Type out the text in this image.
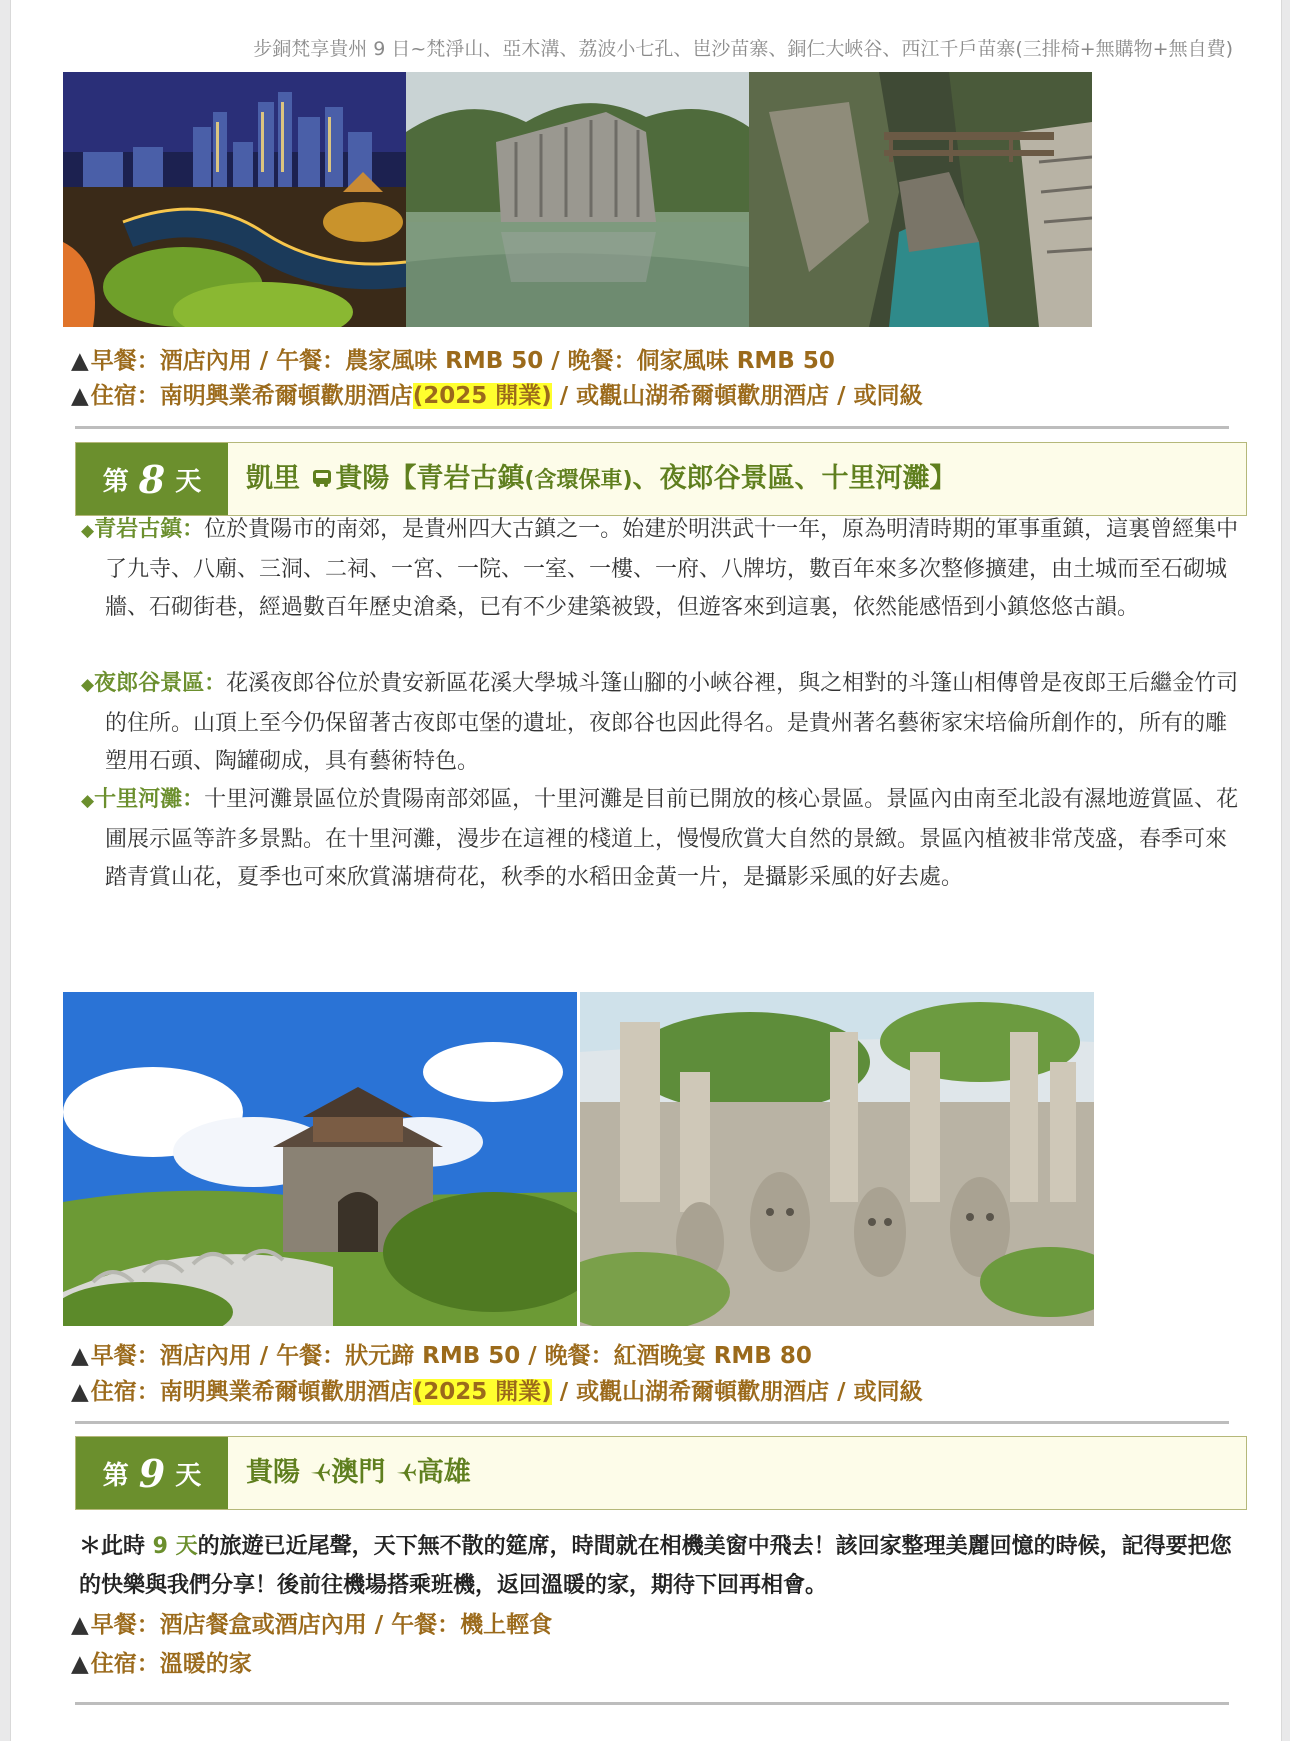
步銅梵享貴州 9 日~梵淨山、亞木溝、荔波小七孔、岜沙苗寨、銅仁大峽谷、西江千戶苗寨(三排椅+無購物+無自費)
▲早餐：酒店內用 / 午餐：農家風味 RMB 50 / 晚餐：侗家風味 RMB 50
▲住宿：南明興業希爾頓歡朋酒店(2025 開業) / 或觀山湖希爾頓歡朋酒店 / 或同級
第 8 天 凱里 貴陽【青岩古鎮(含環保車)、夜郎谷景區、十里河灘】
◆青岩古鎮：位於貴陽市的南郊，是貴州四大古鎮之一。始建於明洪武十一年，原為明清時期的軍事重鎮，這裏曾經集中了九寺、八廟、三洞、二祠、一宮、一院、一室、一樓、一府、八牌坊，數百年來多次整修擴建，由土城而至石砌城牆、石砌街巷，經過數百年歷史滄桑，已有不少建築被毀，但遊客來到這裏，依然能感悟到小鎮悠悠古韻。
◆夜郎谷景區：花溪夜郎谷位於貴安新區花溪大學城斗篷山腳的小峽谷裡，與之相對的斗篷山相傳曾是夜郎王后繼金竹司的住所。山頂上至今仍保留著古夜郎屯堡的遺址，夜郎谷也因此得名。是貴州著名藝術家宋培倫所創作的，所有的雕塑用石頭、陶罐砌成，具有藝術特色。
◆十里河灘：十里河灘景區位於貴陽南部郊區，十里河灘是目前已開放的核心景區。景區內由南至北設有濕地遊賞區、花圃展示區等許多景點。在十里河灘，漫步在這裡的棧道上，慢慢欣賞大自然的景緻。景區內植被非常茂盛，春季可來踏青賞山花，夏季也可來欣賞滿塘荷花，秋季的水稻田金黃一片，是攝影采風的好去處。
▲早餐：酒店內用 / 午餐：狀元蹄 RMB 50 / 晚餐：紅酒晚宴 RMB 80
▲住宿：南明興業希爾頓歡朋酒店(2025 開業) / 或觀山湖希爾頓歡朋酒店 / 或同級
第 9 天 貴陽 澳門 高雄
＊此時 9 天的旅遊已近尾聲，天下無不散的筵席，時間就在相機美窗中飛去！該回家整理美麗回憶的時候，記得要把您的快樂與我們分享！後前往機場搭乘班機，返回溫暖的家，期待下回再相會。
▲早餐：酒店餐盒或酒店內用 / 午餐：機上輕食
▲住宿：溫暖的家
